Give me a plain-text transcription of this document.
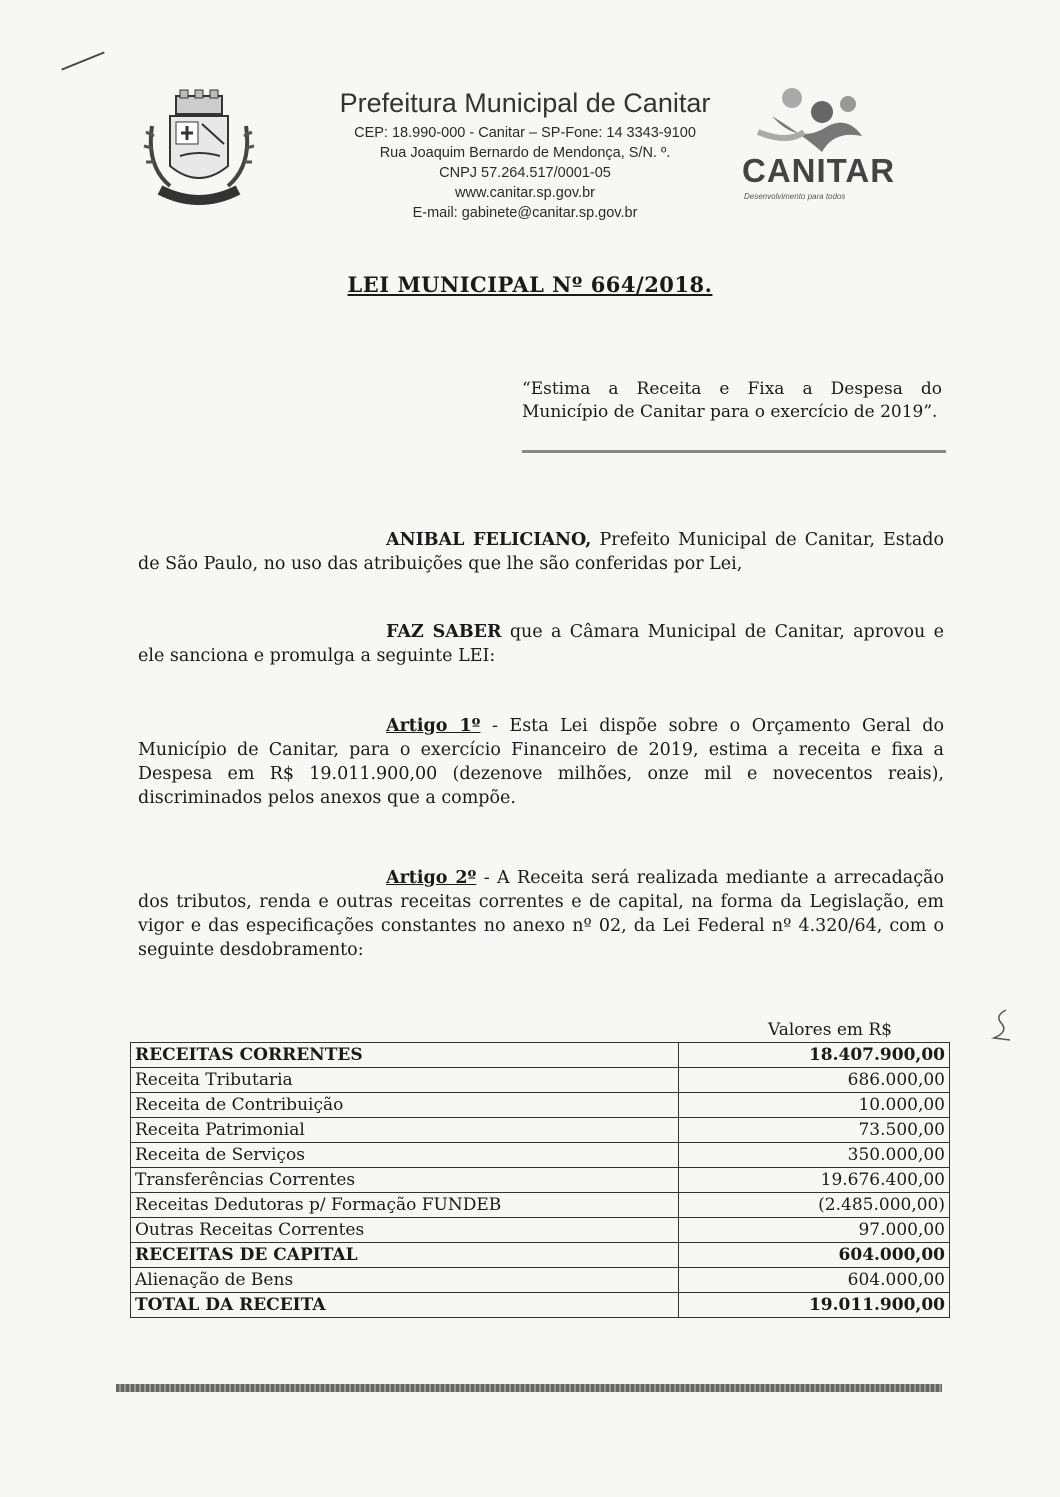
Prefeitura Municipal de Canitar
CEP: 18.990-000 - Canitar – SP-Fone: 14 3343-9100
Rua Joaquim Bernardo de Mendonça, S/N. º.
CNPJ 57.264.517/0001-05
www.canitar.sp.gov.br
E-mail: gabinete@canitar.sp.gov.br
CANITAR
Desenvolvimento para todos
LEI MUNICIPAL Nº 664/2018.
“Estima a Receita e Fixa a Despesa do Município de Canitar para o exercício de 2019”.
ANIBAL FELICIANO, Prefeito Municipal de Canitar, Estado de São Paulo, no uso das atribuições que lhe são conferidas por Lei,
FAZ SABER que a Câmara Municipal de Canitar, aprovou e ele sanciona e promulga a seguinte LEI:
Artigo 1º - Esta Lei dispõe sobre o Orçamento Geral do Município de Canitar, para o exercício Financeiro de 2019, estima a receita e fixa a Despesa em R$ 19.011.900,00 (dezenove milhões, onze mil e novecentos reais), discriminados pelos anexos que a compõe.
Artigo 2º - A Receita será realizada mediante a arrecadação dos tributos, renda e outras receitas correntes e de capital, na forma da Legislação, em vigor e das especificações constantes no anexo nº 02, da Lei Federal nº 4.320/64, com o seguinte desdobramento:
Valores em R$
RECEITAS CORRENTES	18.407.900,00
Receita Tributaria	686.000,00
Receita de Contribuição	10.000,00
Receita Patrimonial	73.500,00
Receita de Serviços	350.000,00
Transferências Correntes	19.676.400,00
Receitas Dedutoras p/ Formação FUNDEB	(2.485.000,00)
Outras Receitas Correntes	97.000,00
RECEITAS DE CAPITAL	604.000,00
Alienação de Bens	604.000,00
TOTAL DA RECEITA	19.011.900,00
